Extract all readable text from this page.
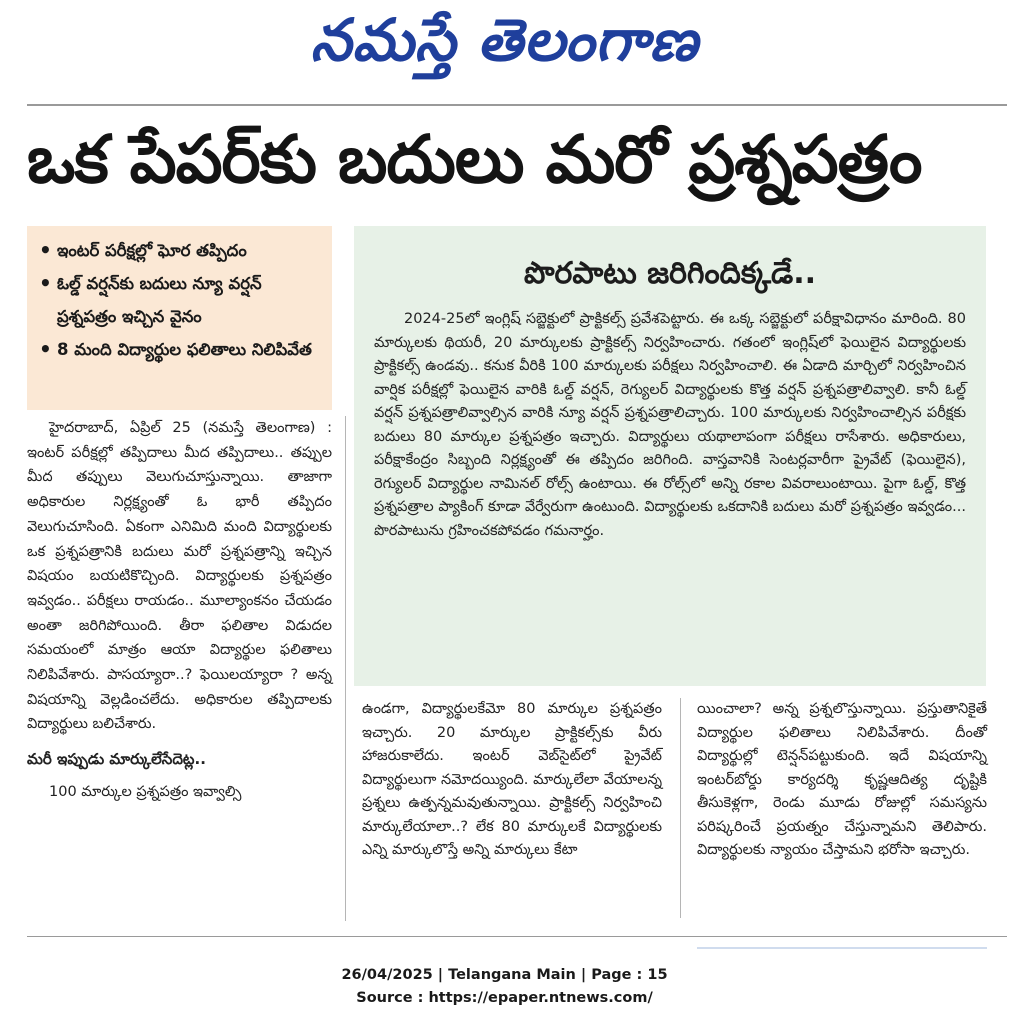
నమస్తే తెలంగాణ
ఒక పేపర్‌కు బదులు మరో ప్రశ్నపత్రం
• ఇంటర్‌ పరీక్షల్లో ఘోర తప్పిదం
• ఓల్డ్‌ వర్షన్‌కు బదులు న్యూ వర్షన్‌ ప్రశ్నపత్రం ఇచ్చిన వైనం
• 8 మంది విద్యార్థుల ఫలితాలు నిలిపివేత
పొరపాటు జరిగిందిక్కడే..
2024-25లో ఇంగ్లిష్‌ సబ్జెక్టులో ప్రాక్టికల్స్‌ ప్రవేశపెట్టారు. ఈ ఒక్క సబ్జెక్టులో పరీక్షావిధానం మారింది. 80 మార్కులకు థియరీ, 20 మార్కులకు ప్రాక్టికల్స్‌ నిర్వహించారు. గతంలో ఇంగ్లిష్‌లో ఫెయిలైన విద్యార్థులకు ప్రాక్టికల్స్‌ ఉండవు.. కనుక వీరికి 100 మార్కులకు పరీక్షలు నిర్వహించాలి. ఈ ఏడాది మార్చిలో నిర్వహించిన వార్షిక పరీక్షల్లో ఫెయిలైన వారికి ఓల్డ్‌ వర్షన్‌, రెగ్యులర్‌ విద్యార్థులకు కొత్త వర్షన్‌ ప్రశ్నపత్రాలివ్వాలి. కానీ ఓల్డ్‌ వర్షన్‌ ప్రశ్నపత్రాలివ్వాల్సిన వారికి న్యూ వర్షన్‌ ప్రశ్నపత్రాలిచ్చారు. 100 మార్కులకు నిర్వహించాల్సిన పరీక్షకు బదులు 80 మార్కుల ప్రశ్నపత్రం ఇచ్చారు. విద్యార్థులు యథాలాపంగా పరీక్షలు రాసేశారు. అధికారులు, పరీక్షాకేంద్రం సిబ్బంది నిర్లక్ష్యంతో ఈ తప్పిదం జరిగింది. వాస్తవానికి సెంటర్లవారీగా ప్రైవేట్‌ (ఫెయిలైన), రెగ్యులర్‌ విద్యార్థుల నామినల్‌ రోల్స్‌ ఉంటాయి. ఈ రోల్స్‌లో అన్ని రకాల వివరాలుంటాయి. పైగా ఓల్డ్‌, కొత్త ప్రశ్నపత్రాల ప్యాకింగ్‌ కూడా వేర్వేరుగా ఉంటుంది. విద్యార్థులకు ఒకదానికి బదులు మరో ప్రశ్నపత్రం ఇవ్వడం... పొరపాటును గ్రహించకపోవడం గమనార్హం.

హైదరాబాద్‌, ఏప్రిల్‌ 25 (నమస్తే తెలంగాణ) : ఇంటర్‌ పరీక్షల్లో తప్పిదాలు మీద తప్పిదాలు.. తప్పుల మీద తప్పులు వెలుగుచూస్తున్నాయి. తాజాగా అధికారుల నిర్లక్ష్యంతో ఓ భారీ తప్పిదం వెలుగుచూసింది. ఏకంగా ఎనిమిది మంది విద్యార్థులకు ఒక ప్రశ్నపత్రానికి బదులు మరో ప్రశ్నపత్రాన్ని ఇచ్చిన విషయం బయటికొచ్చింది. విద్యార్థులకు ప్రశ్నపత్రం ఇవ్వడం.. పరీక్షలు రాయడం.. మూల్యాంకనం చేయడం అంతా జరిగిపోయింది. తీరా ఫలితాల విడుదల సమయంలో మాత్రం ఆయా విద్యార్థుల ఫలితాలు నిలిపివేశారు. పాసయ్యారా..? ఫెయిలయ్యారా ? అన్న విషయాన్ని వెల్లడించలేదు. అధికారుల తప్పిదాలకు విద్యార్థులు బలిచేశారు.

మరీ ఇప్పుడు మార్కులేసేదెట్ల..

100 మార్కుల ప్రశ్నపత్రం ఇవ్వాల్సి

ఉండగా, విద్యార్థులకేమో 80 మార్కుల ప్రశ్నపత్రం ఇచ్చారు. 20 మార్కుల ప్రాక్టికల్స్‌కు వీరు హాజరుకాలేదు. ఇంటర్‌ వెబ్‌సైట్‌లో ప్రైవేట్‌ విద్యార్థులుగా నమోదయ్యింది. మార్కులేలా వేయాలన్న ప్రశ్నలు ఉత్పన్నమవుతున్నాయి. ప్రాక్టికల్స్‌ నిర్వహించి మార్కులేయాలా..? లేక 80 మార్కులకే విద్యార్థులకు ఎన్ని మార్కులొస్తే అన్ని మార్కులు కేటా

యించాలా? అన్న ప్రశ్నలొస్తున్నాయి. ప్రస్తుతానికైతే విద్యార్థుల ఫలితాలు నిలిపివేశారు. దీంతో విద్యార్థుల్లో టెన్షన్‌పట్టుకుంది. ఇదే విషయాన్ని ఇంటర్‌బోర్డు కార్యదర్శి కృష్ణఆదిత్య దృష్టికి తీసుకెళ్లగా, రెండు మూడు రోజుల్లో సమస్యను పరిష్కరించే ప్రయత్నం చేస్తున్నామని తెలిపారు. విద్యార్థులకు న్యాయం చేస్తామని భరోసా ఇచ్చారు.

26/04/2025 | Telangana Main | Page : 15
Source : https://epaper.ntnews.com/
